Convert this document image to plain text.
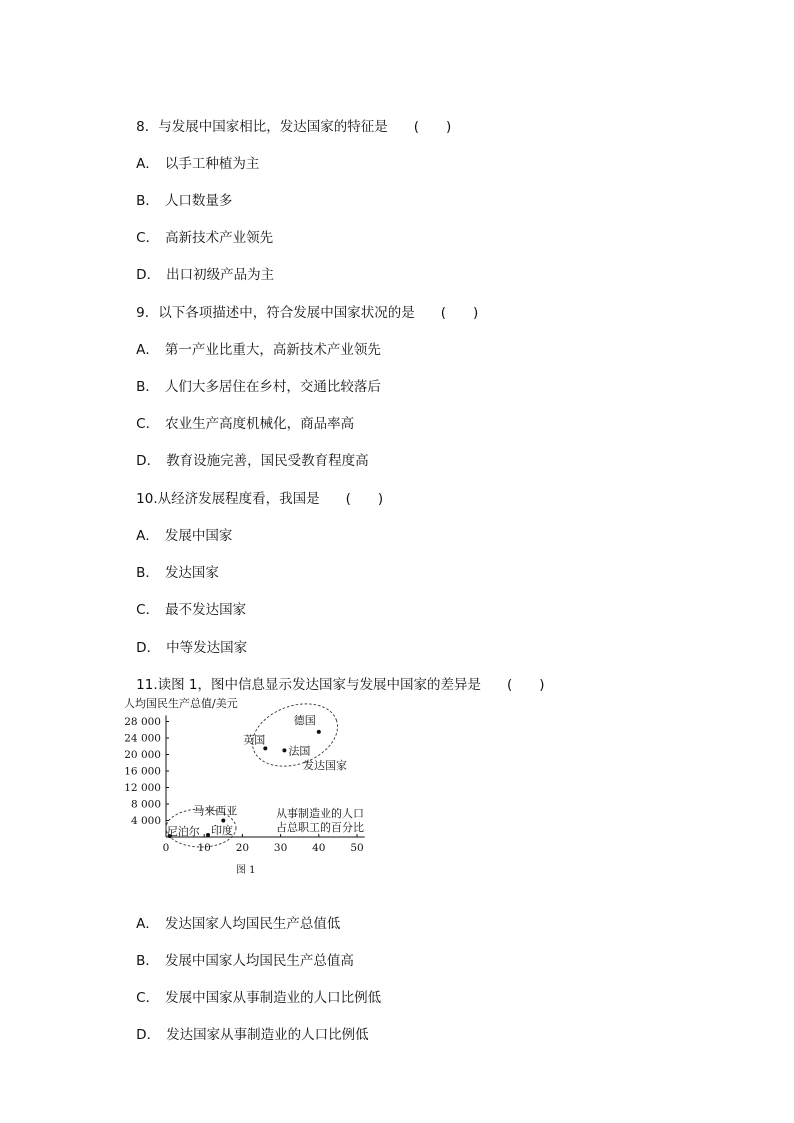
8．与发展中国家相比，发达国家的特征是 (　　)

A． 以手工种植为主

B． 人口数量多

C． 高新技术产业领先

D． 出口初级产品为主

9．以下各项描述中，符合发展中国家状况的是 (　　)

A． 第一产业比重大，高新技术产业领先

B． 人们大多居住在乡村，交通比较落后

C． 农业生产高度机械化，商品率高

D． 教育设施完善，国民受教育程度高

10.从经济发展程度看，我国是 (　　)

A． 发展中国家

B． 发达国家

C． 最不发达国家

D． 中等发达国家

11.读图 1，图中信息显示发达国家与发展中国家的差异是 (　　)

人均国民生产总值/美元
4 000
8 000
12 000
16 000
20 000
24 000
28 000
0	10 20 30 40 50
德国
英国
法国
马来西亚
印度
尼泊尔
发达国家
从事制造业的人口
占总职工的百分比
图 1

A． 发达国家人均国民生产总值低

B． 发展中国家人均国民生产总值高

C． 发展中国家从事制造业的人口比例低

D． 发达国家从事制造业的人口比例低
